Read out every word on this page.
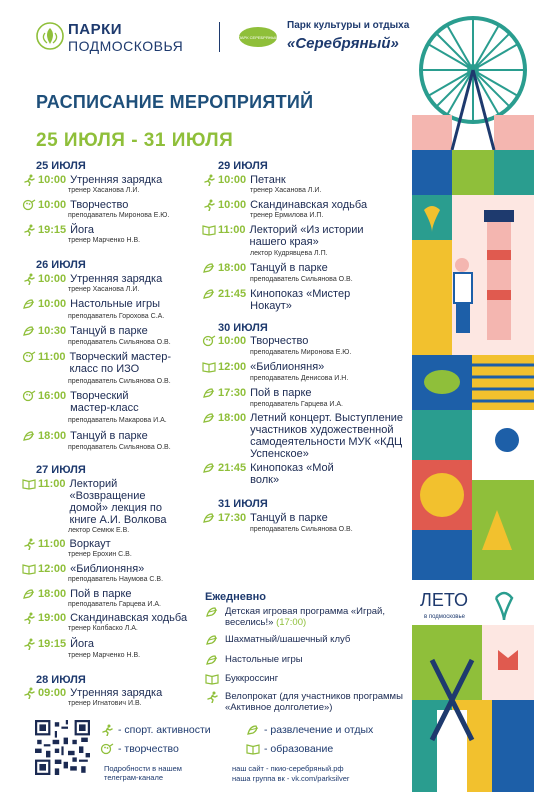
ПАРКИ
ПОДМОСКОВЬЯ
ПАРК СЕРЕБРЯНЫЙ
Парк культуры и отдыха
«Серебряный»
РАСПИСАНИЕ МЕРОПРИЯТИЙ
25 ИЮЛЯ - 31 ИЮЛЯ
25 ИЮЛЯ
10:00 Утренняя зарядка
тренер Хасанова Л.И.
10:00 Творчество
преподаватель Миронова Е.Ю.
19:15 Йога
тренер Марченко Н.В.
26 ИЮЛЯ
10:00 Утренняя зарядка
тренер Хасанова Л.И.
10:00 Настольные игры
преподаватель Горохова С.А.
10:30 Танцуй в парке
преподаватель Сильянова О.В.
11:00 Творческий мастер- класс по ИЗО
преподаватель Сильянова О.В.
16:00 Творческий мастер-класс
преподаватель Макарова И.А.
18:00 Танцуй в парке
преподаватель Сильянова О.В.
27 ИЮЛЯ
11:00 Лекторий «Возвращение домой» лекция по книге А.И. Волкова
лектор Семюк Е.В.
11:00 Воркаут
тренер Ерохин С.В.
12:00 «Библионяня»
преподаватель Наумова С.В.
18:00 Пой в парке
преподаватель Гарцева И.А.
19:00 Скандинавская ходьба
тренер Колбаско Л.А.
19:15 Йога
тренер Марченко Н.В.
28 ИЮЛЯ
09:00 Утренняя зарядка
тренер Игнатович И.В.
29 ИЮЛЯ
10:00 Петанк
тренер Хасанова Л.И.
10:00 Скандинавская ходьба
тренер Ермилова И.П.
11:00 Лекторий «Из истории нашего края»
лектор Кудрявцева Л.П.
18:00 Танцуй в парке
преподаватель Сильянова О.В.
21:45 Кинопоказ «Мистер Нокаут»
30 ИЮЛЯ
10:00 Творчество
преподаватель Миронова Е.Ю.
12:00 «Библионяня»
преподаватель Денисова И.Н.
17:30 Пой в парке
преподаватель Гарцева И.А.
18:00 Летний концерт. Выступление участников художественной самодеятельности МУК «КДЦ Успенское»
21:45 Кинопоказ «Мой волк»
31 ИЮЛЯ
17:30 Танцуй в парке
преподаватель Сильянова О.В.
Ежедневно
Детская игровая программа «Играй, веселись!» (17:00)
Шахматный/шашечный клуб
Настольные игры
Буккроссинг
Велопрокат (для участников программы «Активное долголетие»)
- спорт. активности	- развлечение и отдых
- творчество	- образование
Подробности в нашем телеграм-канале
наш сайт - пкио-серебряный.рф
наша группа вк - vk.com/parksilver
ЛЕТО
в подмосковье
